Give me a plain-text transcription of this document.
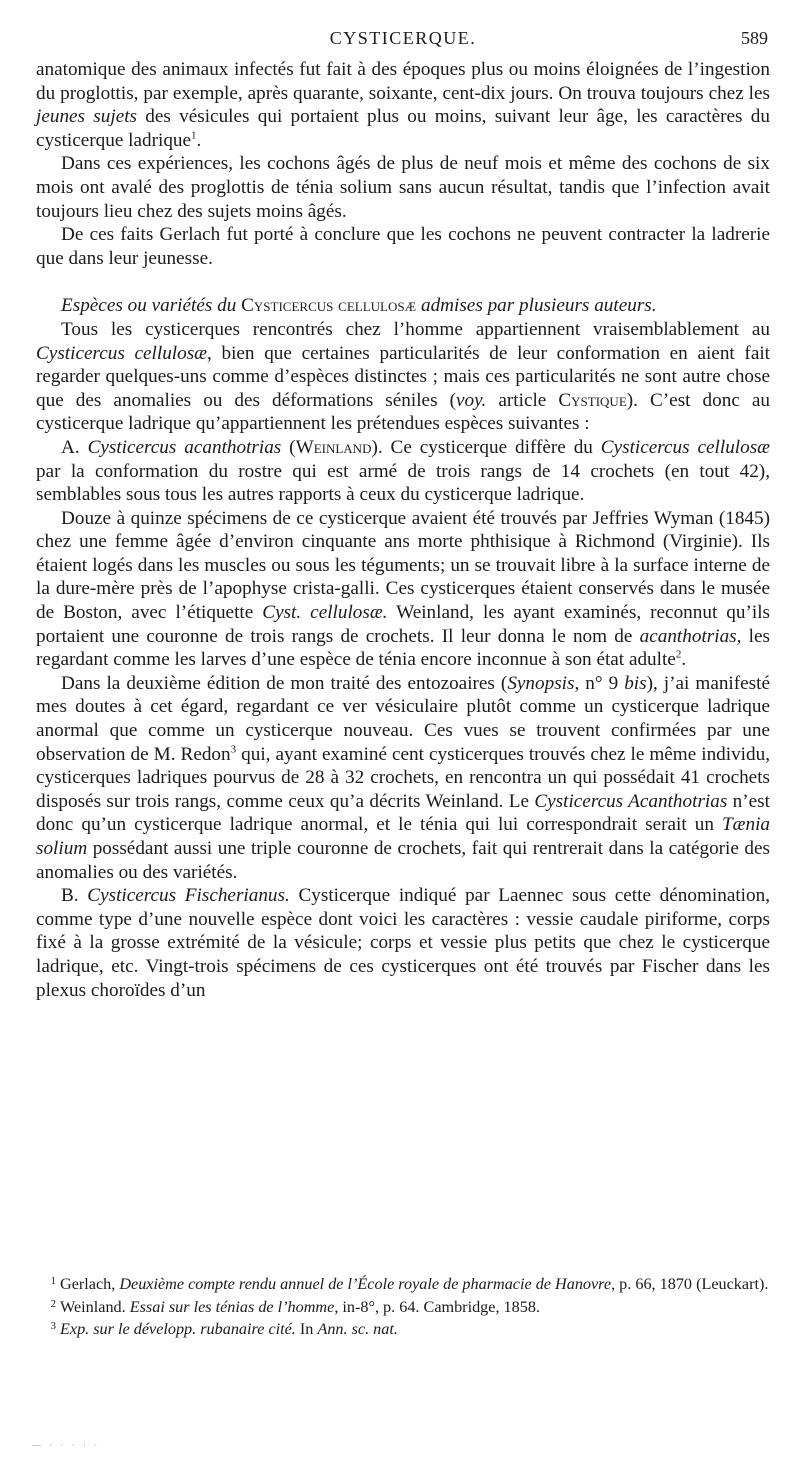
CYSTICERQUE.	589

anatomique des animaux infectés fut fait à des époques plus ou moins éloignées de l’ingestion du proglottis, par exemple, après quarante, soixante, cent-dix jours. On trouva toujours chez les jeunes sujets des vésicules qui portaient plus ou moins, suivant leur âge, les caractères du cysticerque ladrique$^1$.

Dans ces expériences, les cochons âgés de plus de neuf mois et même des cochons de six mois ont avalé des proglottis de ténia solium sans aucun résultat, tandis que l’infection avait toujours lieu chez des sujets moins âgés.

De ces faits Gerlach fut porté à conclure que les cochons ne peuvent contracter la ladrerie que dans leur jeunesse.

Espèces ou variétés du Cysticercus cellulosæ admises par plusieurs auteurs.

Tous les cysticerques rencontrés chez l’homme appartiennent vraisemblablement au Cysticercus cellulosæ, bien que certaines particularités de leur conformation en aient fait regarder quelques-uns comme d’espèces distinctes ; mais ces particularités ne sont autre chose que des anomalies ou des déformations séniles (voy. article Cystique). C’est donc au cysticerque ladrique qu’appartiennent les prétendues espèces suivantes :

A. Cysticercus acanthotrias (Weinland). Ce cysticerque diffère du Cysticercus cellulosæ par la conformation du rostre qui est armé de trois rangs de 14 crochets (en tout 42), semblables sous tous les autres rapports à ceux du cysticerque ladrique.

Douze à quinze spécimens de ce cysticerque avaient été trouvés par Jeffries Wyman (1845) chez une femme âgée d’environ cinquante ans morte phthisique à Richmond (Virginie). Ils étaient logés dans les muscles ou sous les téguments; un se trouvait libre à la surface interne de la dure-mère près de l’apophyse crista-galli. Ces cysticerques étaient conservés dans le musée de Boston, avec l’étiquette Cyst. cellulosæ. Weinland, les ayant examinés, reconnut qu’ils portaient une couronne de trois rangs de crochets. Il leur donna le nom de acanthotrias, les regardant comme les larves d’une espèce de ténia encore inconnue à son état adulte$^2$.

Dans la deuxième édition de mon traité des entozoaires (Synopsis, n° 9 bis), j’ai manifesté mes doutes à cet égard, regardant ce ver vésiculaire plutôt comme un cysticerque ladrique anormal que comme un cysticerque nouveau. Ces vues se trouvent confirmées par une observation de M. Redon$^3$ qui, ayant examiné cent cysticerques trouvés chez le même individu, cysticerques ladriques pourvus de 28 à 32 crochets, en rencontra un qui possédait 41 crochets disposés sur trois rangs, comme ceux qu’a décrits Weinland. Le Cysticercus Acanthotrias n’est donc qu’un cysticerque ladrique anormal, et le ténia qui lui correspondrait serait un Tænia solium possédant aussi une triple couronne de crochets, fait qui rentrerait dans la catégorie des anomalies ou des variétés.

B. Cysticercus Fischerianus. Cysticerque indiqué par Laennec sous cette dénomination, comme type d’une nouvelle espèce dont voici les caractères : vessie caudale piriforme, corps fixé à la grosse extrémité de la vésicule; corps et vessie plus petits que chez le cysticerque ladrique, etc. Vingt-trois spécimens de ces cysticerques ont été trouvés par Fischer dans les plexus choroïdes d’un

1 Gerlach, Deuxième compte rendu annuel de l’École royale de pharmacie de Hanovre, p. 66, 1870 (Leuckart).

2 Weinland. Essai sur les ténias de l’homme, in-8°, p. 64. Cambridge, 1858.

3 Exp. sur le développ. rubanaire cité. In Ann. sc. nat.

— · · · · ·
